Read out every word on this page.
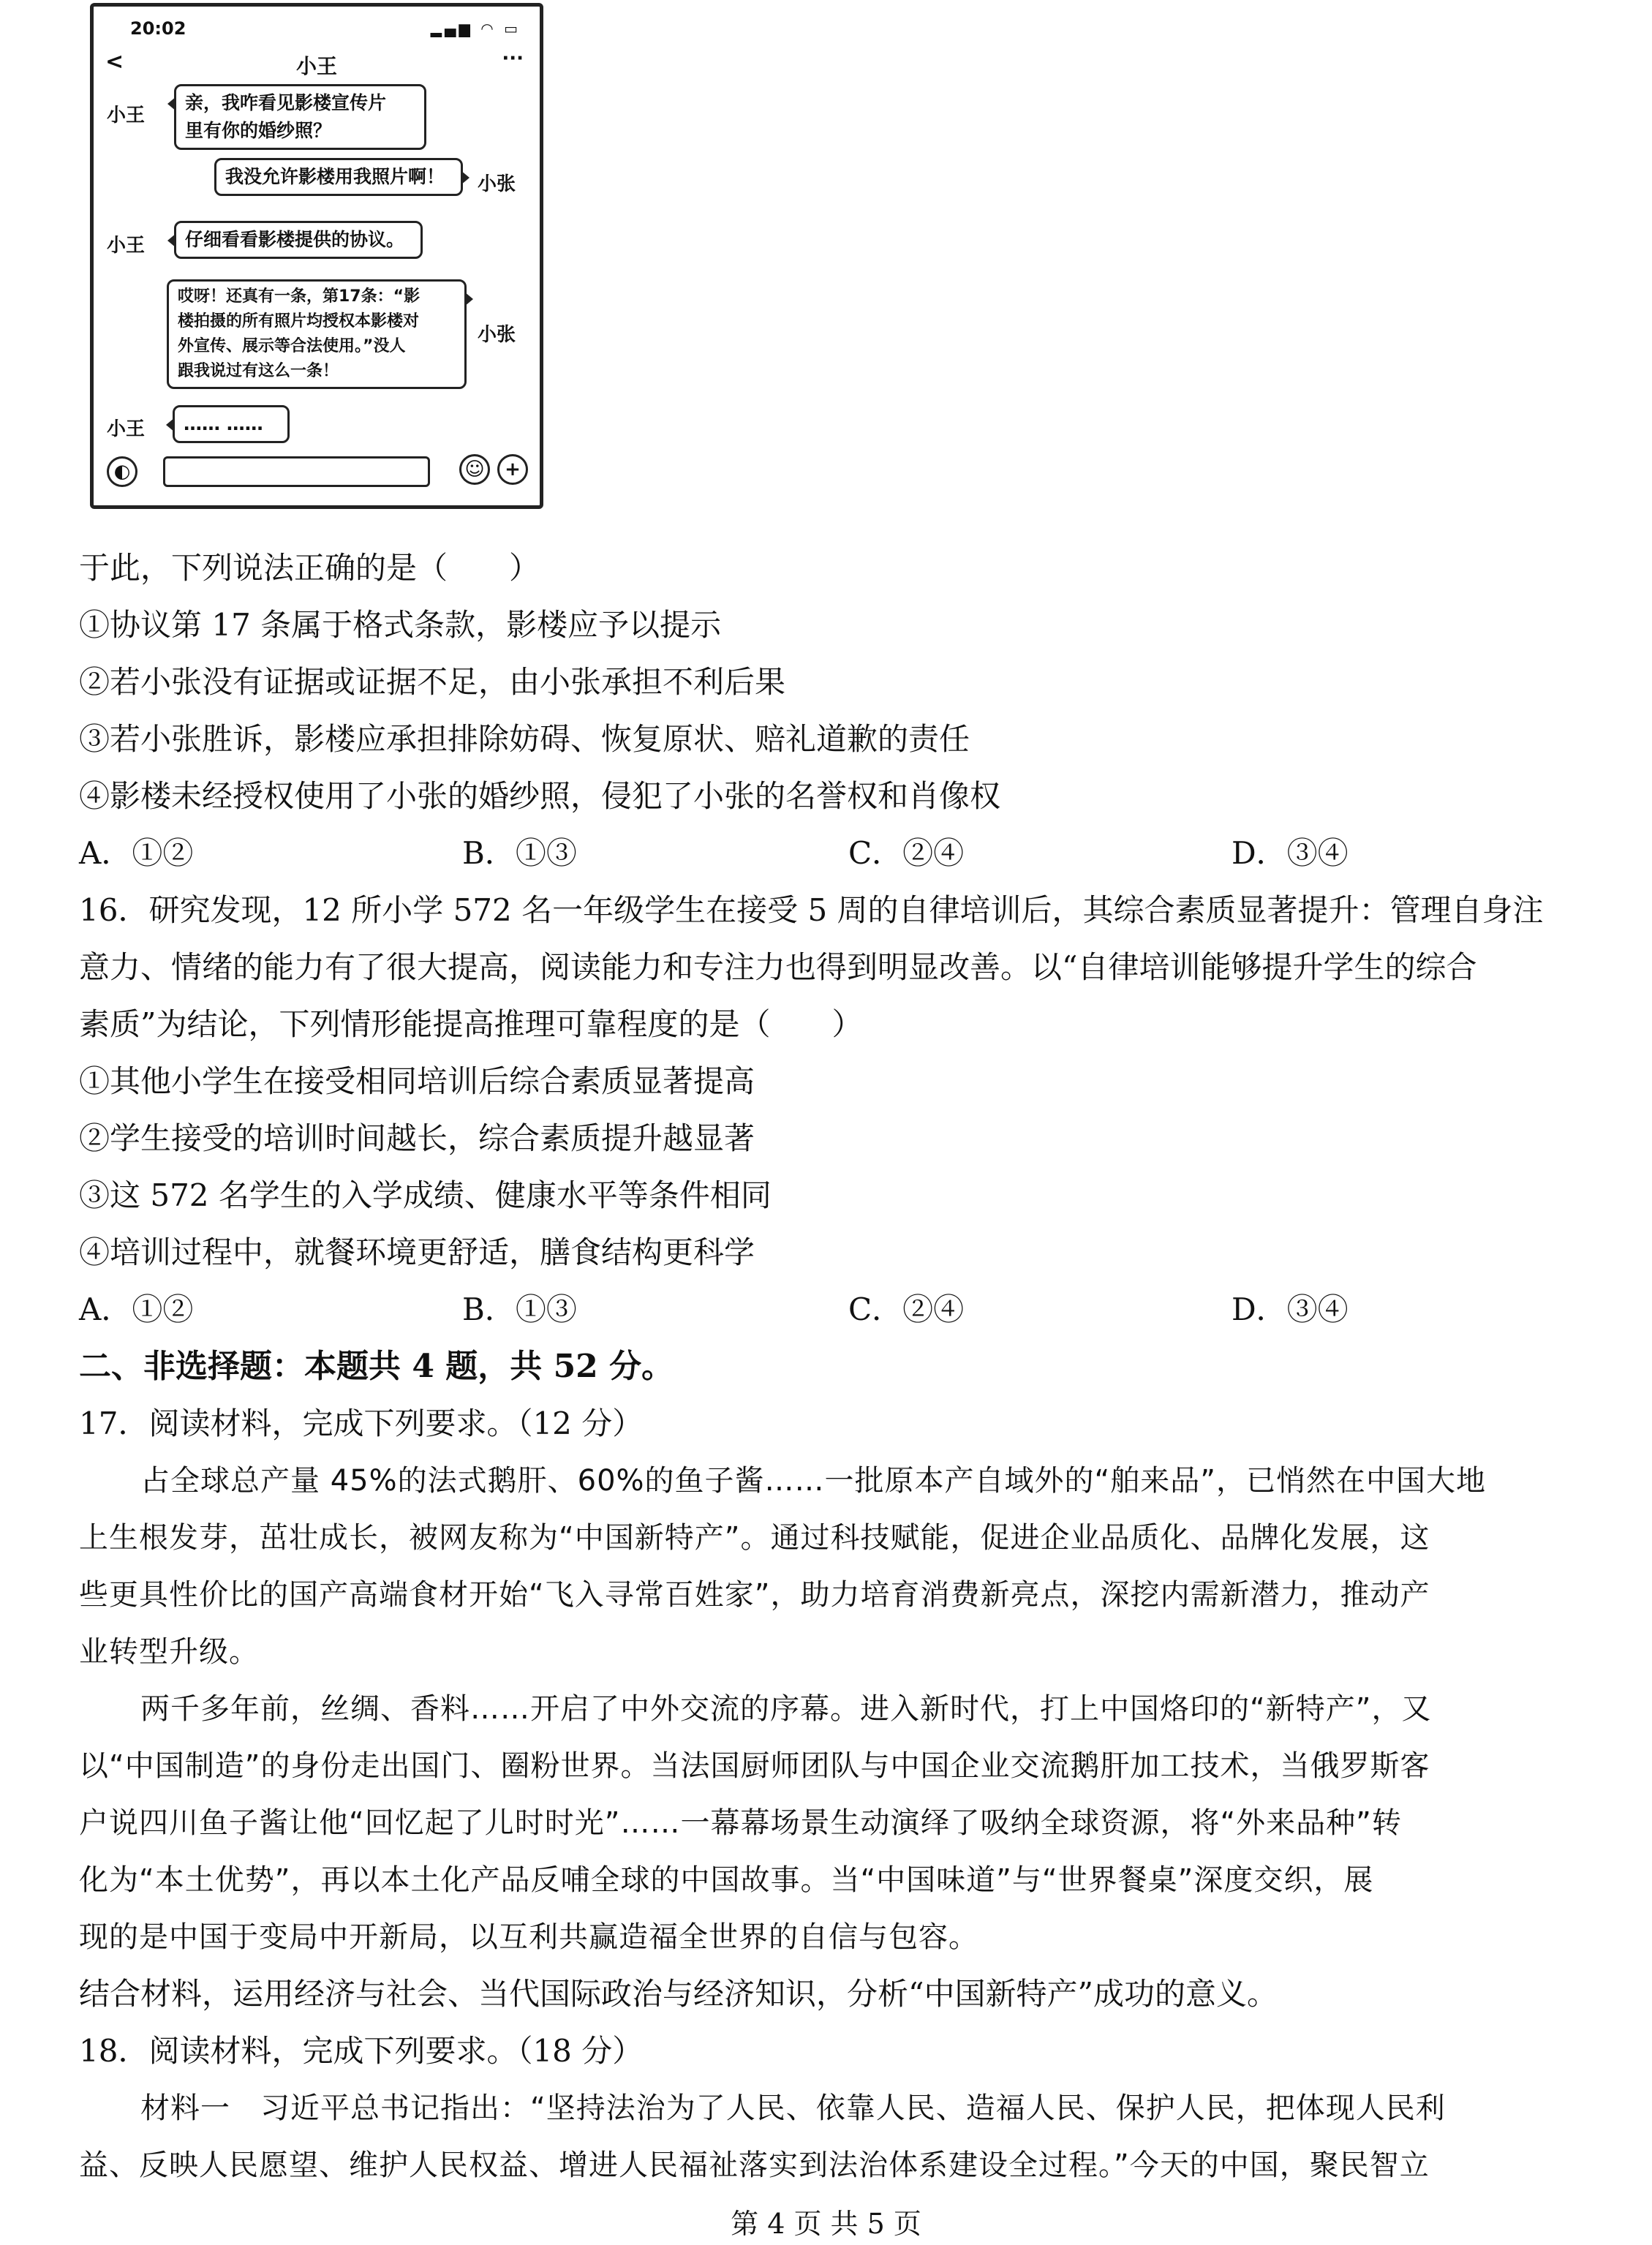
20:02	▂▄▆ ◠ ▭
<	小王	···
小王
亲，我咋看见影楼宣传片
里有你的婚纱照？
我没允许影楼用我照片啊！	小张
小王 仔细看看影楼提供的协议。
哎呀！还真有一条，第17条：“影
楼拍摄的所有照片均授权本影楼对
外宣传、展示等合法使用。”没人
跟我说过有这么一条！
小张
小王 …… ……
◐	☺	+
于此，下列说法正确的是（　　）
①协议第 17 条属于格式条款，影楼应予以提示
②若小张没有证据或证据不足，由小张承担不利后果
③若小张胜诉，影楼应承担排除妨碍、恢复原状、赔礼道歉的责任
④影楼未经授权使用了小张的婚纱照，侵犯了小张的名誉权和肖像权
A．①②	B．①③	C．②④	D．③④
16．研究发现，12 所小学 572 名一年级学生在接受 5 周的自律培训后，其综合素质显著提升：管理自身注
意力、情绪的能力有了很大提高，阅读能力和专注力也得到明显改善。以“自律培训能够提升学生的综合
素质”为结论，下列情形能提高推理可靠程度的是（　　）
①其他小学生在接受相同培训后综合素质显著提高
②学生接受的培训时间越长，综合素质提升越显著
③这 572 名学生的入学成绩、健康水平等条件相同
④培训过程中，就餐环境更舒适，膳食结构更科学
A．①②	B．①③	C．②④	D．③④
二、非选择题：本题共 4 题，共 52 分。
17．阅读材料，完成下列要求。（12 分）
占全球总产量 45%的法式鹅肝、60%的鱼子酱……一批原本产自域外的“舶来品”，已悄然在中国大地
上生根发芽，茁壮成长，被网友称为“中国新特产”。通过科技赋能，促进企业品质化、品牌化发展，这
些更具性价比的国产高端食材开始“飞入寻常百姓家”，助力培育消费新亮点，深挖内需新潜力，推动产
业转型升级。
两千多年前，丝绸、香料……开启了中外交流的序幕。进入新时代，打上中国烙印的“新特产”，又
以“中国制造”的身份走出国门、圈粉世界。当法国厨师团队与中国企业交流鹅肝加工技术，当俄罗斯客
户说四川鱼子酱让他“回忆起了儿时时光”……一幕幕场景生动演绎了吸纳全球资源，将“外来品种”转
化为“本土优势”，再以本土化产品反哺全球的中国故事。当“中国味道”与“世界餐桌”深度交织，展
现的是中国于变局中开新局，以互利共赢造福全世界的自信与包容。
结合材料，运用经济与社会、当代国际政治与经济知识，分析“中国新特产”成功的意义。
18．阅读材料，完成下列要求。（18 分）
材料一　习近平总书记指出：“坚持法治为了人民、依靠人民、造福人民、保护人民，把体现人民利
益、反映人民愿望、维护人民权益、增进人民福祉落实到法治体系建设全过程。”今天的中国，聚民智立
第 4 页 共 5 页
